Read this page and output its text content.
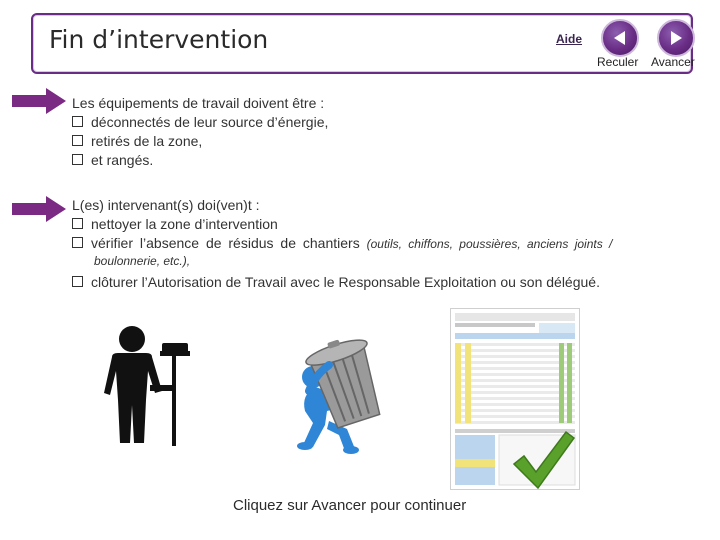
Fin d’intervention	Aide
Reculer Avancer
Les équipements de travail doivent être :
déconnectés de leur source d’énergie,
retirés de la zone,
et rangés.
L(es) intervenant(s) doi(ven)t :
nettoyer la zone d’intervention
vérifier l’absence de résidus de chantiers (outils, chiffons, poussières, anciens joints /
boulonnerie, etc.),
clôturer l’Autorisation de Travail avec le Responsable Exploitation ou son délégué.
Cliquez sur Avancer pour continuer
